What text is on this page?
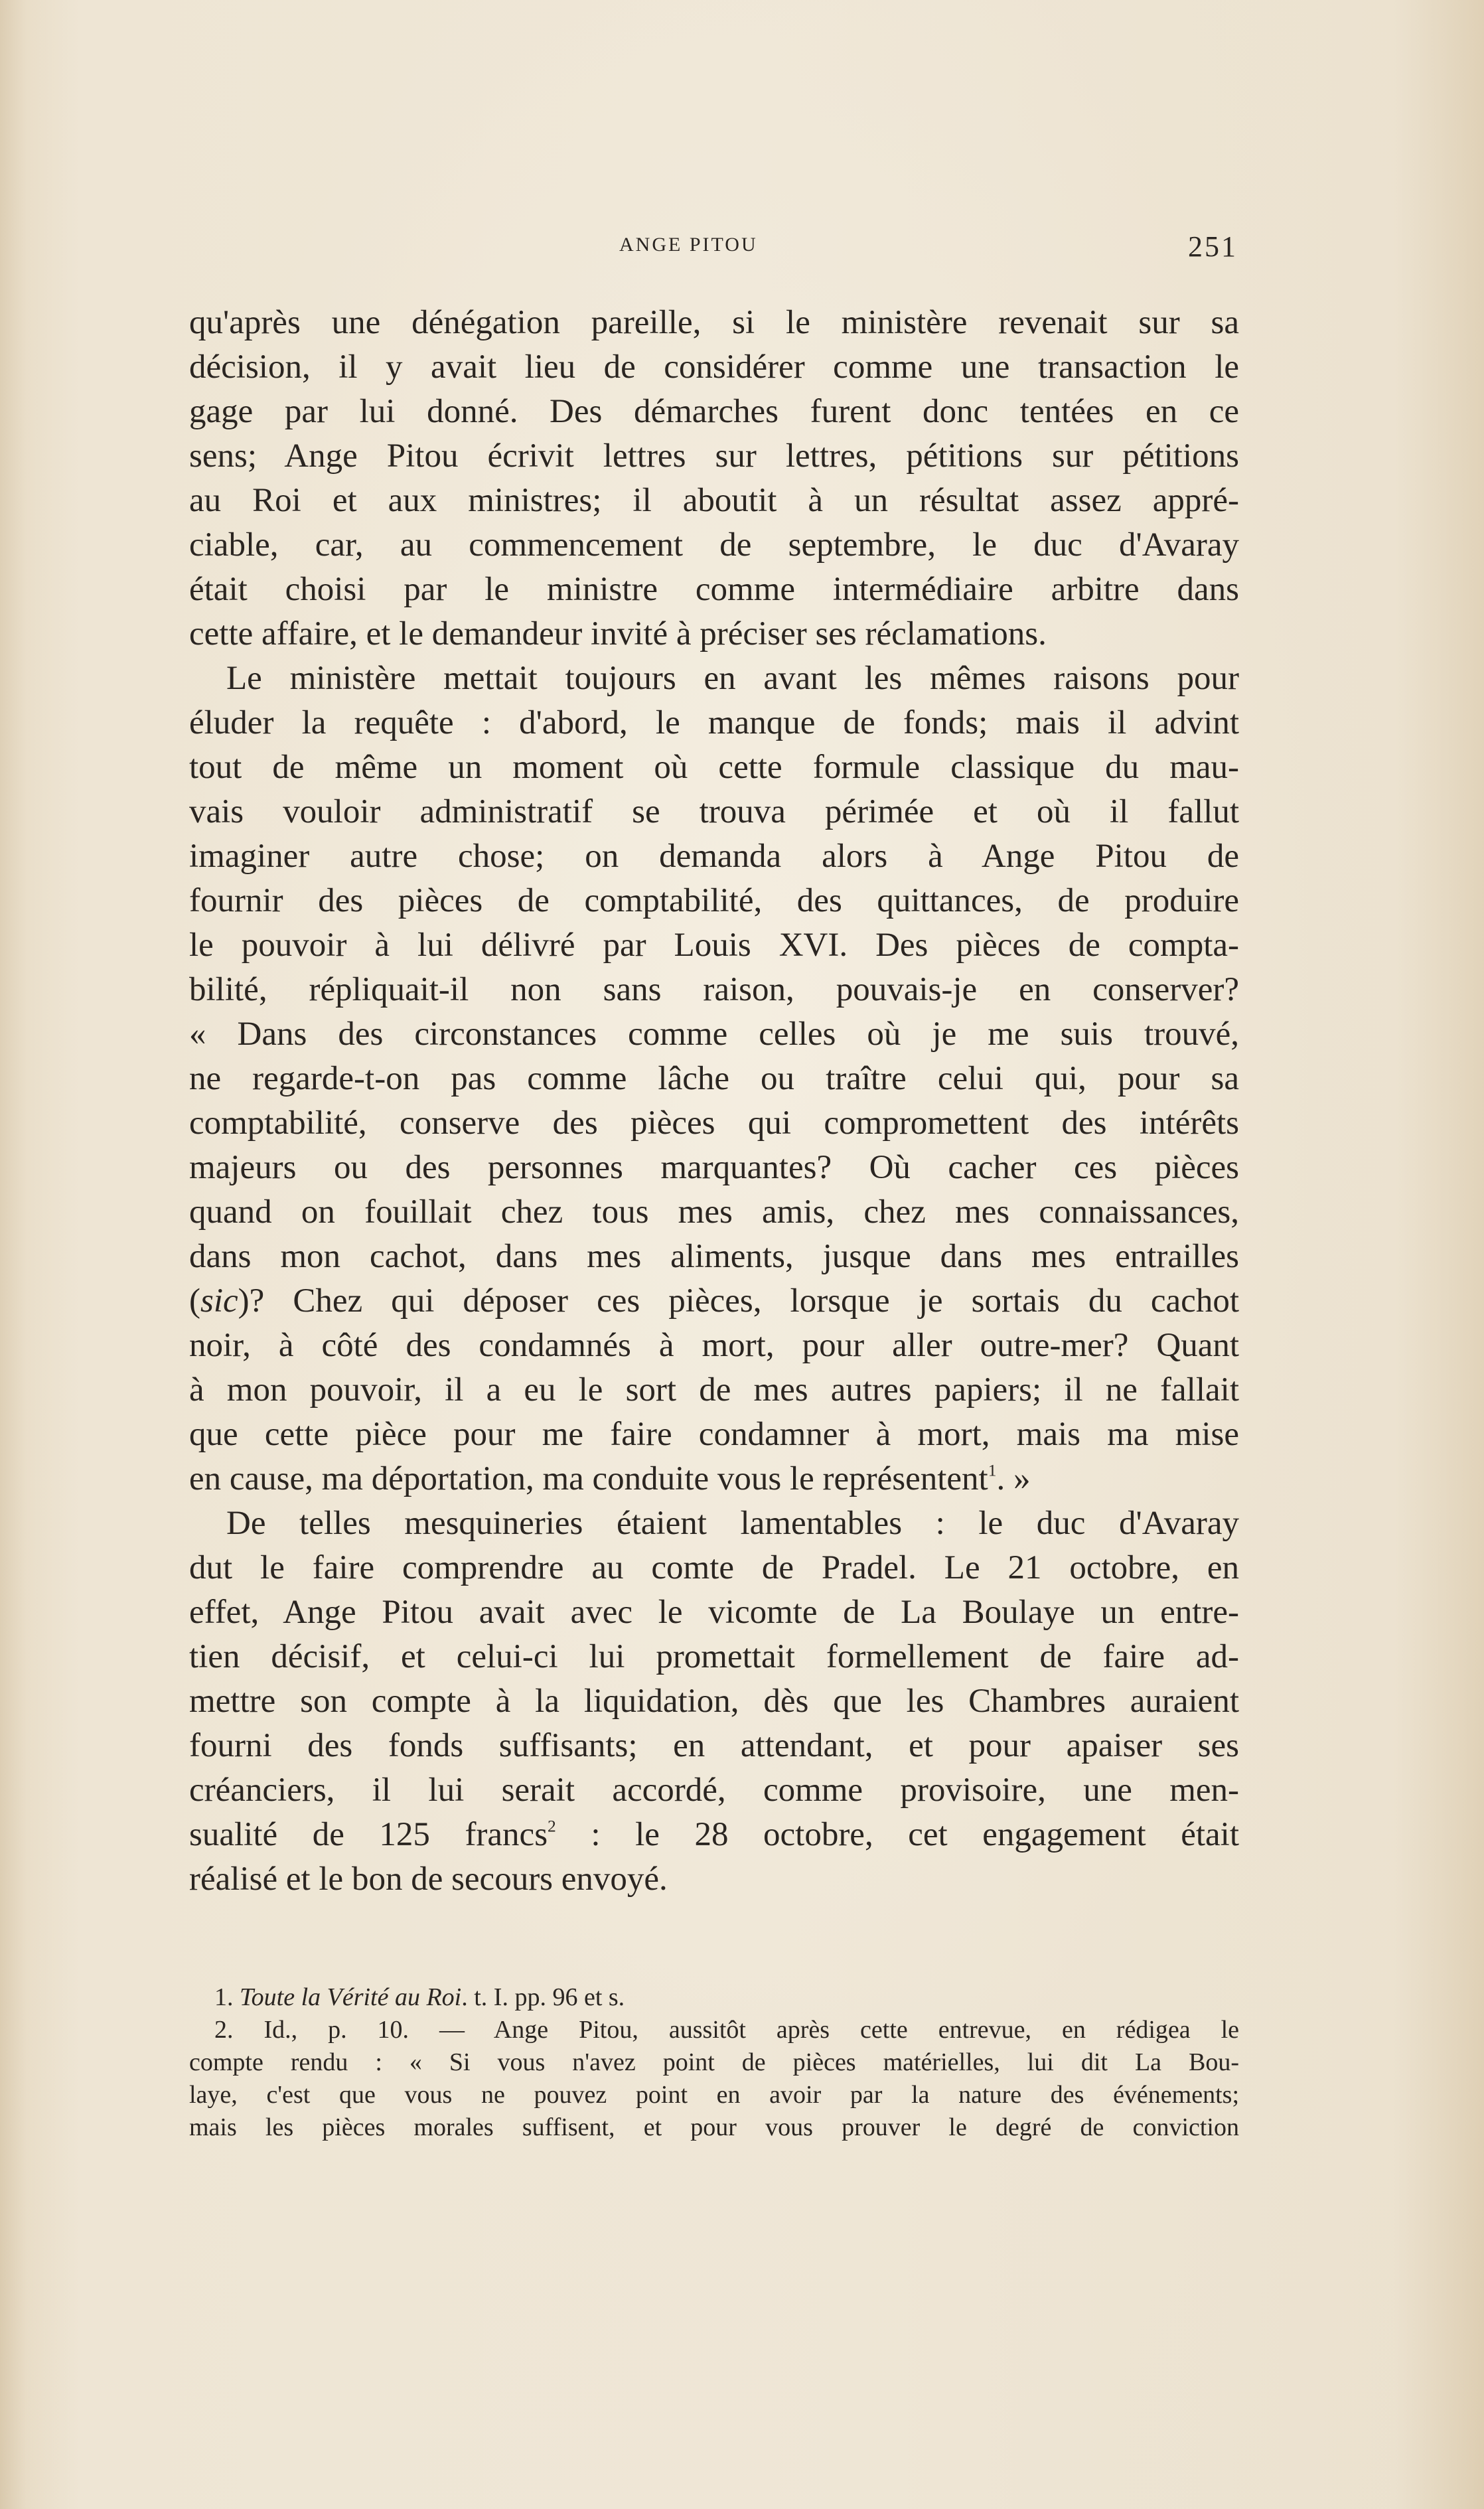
ANGE PITOU	251
qu'après une dénégation pareille, si le ministère revenait sur sa
décision, il y avait lieu de considérer comme une transaction le
gage par lui donné. Des démarches furent donc tentées en ce
sens; Ange Pitou écrivit lettres sur lettres, pétitions sur pétitions
au Roi et aux ministres; il aboutit à un résultat assez appré-
ciable, car, au commencement de septembre, le duc d'Avaray
était choisi par le ministre comme intermédiaire arbitre dans
cette affaire, et le demandeur invité à préciser ses réclamations.
Le ministère mettait toujours en avant les mêmes raisons pour
éluder la requête : d'abord, le manque de fonds; mais il advint
tout de même un moment où cette formule classique du mau-
vais vouloir administratif se trouva périmée et où il fallut
imaginer autre chose; on demanda alors à Ange Pitou de
fournir des pièces de comptabilité, des quittances, de produire
le pouvoir à lui délivré par Louis XVI. Des pièces de compta-
bilité, répliquait-il non sans raison, pouvais-je en conserver?
« Dans des circonstances comme celles où je me suis trouvé,
ne regarde-t-on pas comme lâche ou traître celui qui, pour sa
comptabilité, conserve des pièces qui compromettent des intérêts
majeurs ou des personnes marquantes? Où cacher ces pièces
quand on fouillait chez tous mes amis, chez mes connaissances,
dans mon cachot, dans mes aliments, jusque dans mes entrailles
(sic)? Chez qui déposer ces pièces, lorsque je sortais du cachot
noir, à côté des condamnés à mort, pour aller outre-mer? Quant
à mon pouvoir, il a eu le sort de mes autres papiers; il ne fallait
que cette pièce pour me faire condamner à mort, mais ma mise
en cause, ma déportation, ma conduite vous le représentent$^1$. »
De telles mesquineries étaient lamentables : le duc d'Avaray
dut le faire comprendre au comte de Pradel. Le 21 octobre, en
effet, Ange Pitou avait avec le vicomte de La Boulaye un entre-
tien décisif, et celui-ci lui promettait formellement de faire ad-
mettre son compte à la liquidation, dès que les Chambres auraient
fourni des fonds suffisants; en attendant, et pour apaiser ses
créanciers, il lui serait accordé, comme provisoire, une men-
sualité de 125 francs$^2$ : le 28 octobre, cet engagement était
réalisé et le bon de secours envoyé.
1. Toute la Vérité au Roi. t. I. pp. 96 et s.
2. Id., p. 10. — Ange Pitou, aussitôt après cette entrevue, en rédigea le
compte rendu : « Si vous n'avez point de pièces matérielles, lui dit La Bou-
laye, c'est que vous ne pouvez point en avoir par la nature des événements;
mais les pièces morales suffisent, et pour vous prouver le degré de conviction
